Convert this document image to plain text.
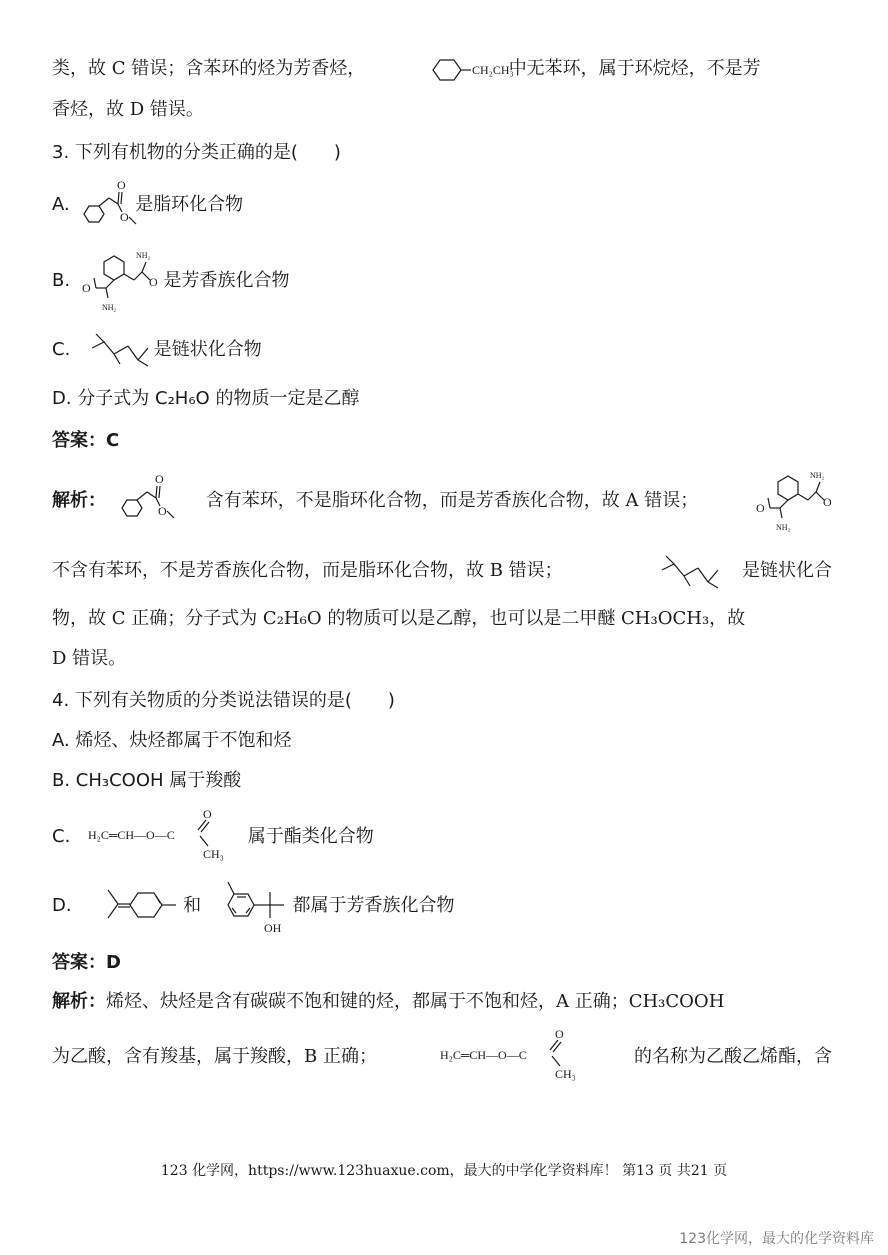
类，故 C 错误；含苯环的烃为芳香烃，	中无苯环，属于环烷烃，不是芳
CH₂CH₃
香烃，故 D 错误。
3. 下列有机物的分类正确的是(　　)
A.	是脂环化合物
O
O
B.	是芳香族化合物
O
NH₂
NH₂
O
C.	是链状化合物
D. 分子式为 C₂H₆O 的物质一定是乙醇
答案：C
解析：	含有苯环，不是脂环化合物，而是芳香族化合物，故 A 错误；
O
O	O
NH₂
NH₂
O
不含有苯环，不是芳香族化合物，而是脂环化合物，故 B 错误；	是链状化合
物，故 C 正确；分子式为 C₂H₆O 的物质可以是乙醇，也可以是二甲醚 CH₃OCH₃，故
D 错误。
4. 下列有关物质的分类说法错误的是(　　)
A. 烯烃、炔烃都属于不饱和烃
B. CH₃COOH 属于羧酸
C.	属于酯类化合物
H₂C═CH—O—C
O
CH₃
D.	和	都属于芳香族化合物
OH
答案：D
解析：烯烃、炔烃是含有碳碳不饱和键的烃，都属于不饱和烃，A 正确；CH₃COOH
为乙酸，含有羧基，属于羧酸，B 正确；	的名称为乙酸乙烯酯，含
H₂C═CH—O—C
O
CH₃
123 化学网，https://www.123huaxue.com，最大的中学化学资料库！ 第13 页 共21 页
123化学网，最大的化学资料库
